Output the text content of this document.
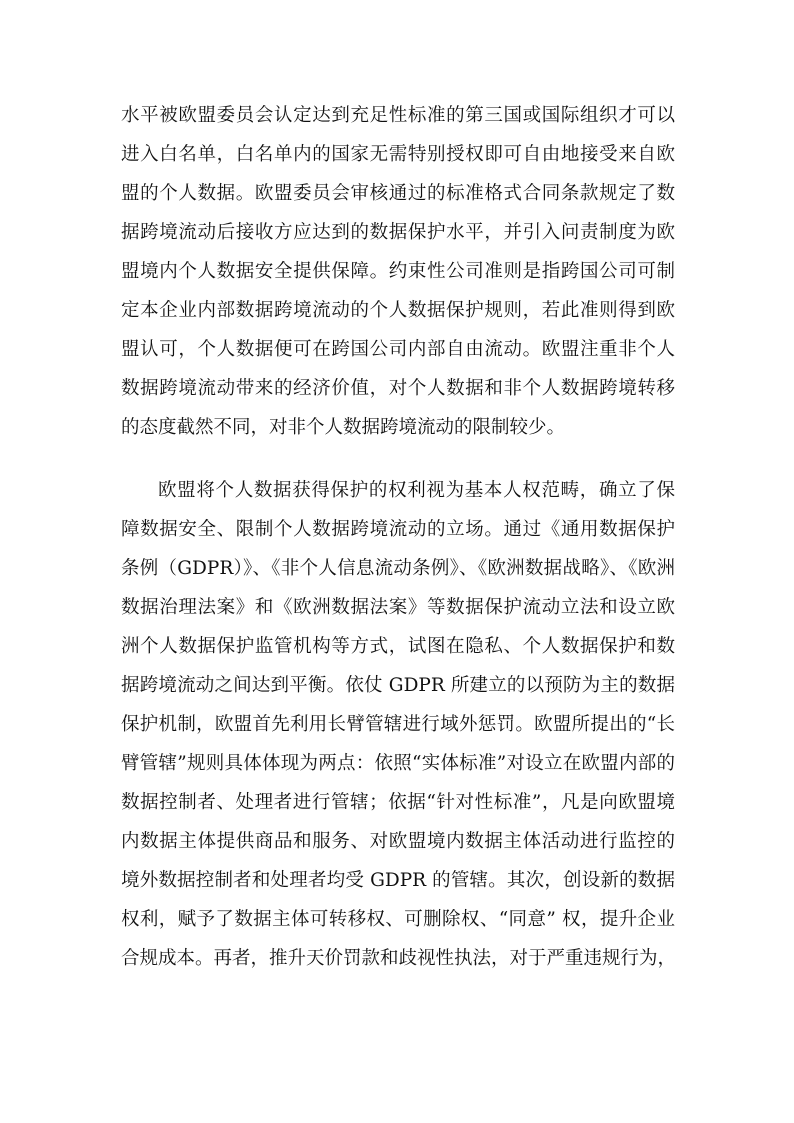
水平被欧盟委员会认定达到充足性标准的第三国或国际组织才可以
进入白名单，白名单内的国家无需特别授权即可自由地接受来自欧
盟的个人数据。欧盟委员会审核通过的标准格式合同条款规定了数
据跨境流动后接收方应达到的数据保护水平，并引入问责制度为欧
盟境内个人数据安全提供保障。约束性公司准则是指跨国公司可制
定本企业内部数据跨境流动的个人数据保护规则，若此准则得到欧
盟认可，个人数据便可在跨国公司内部自由流动。欧盟注重非个人
数据跨境流动带来的经济价值，对个人数据和非个人数据跨境转移
的态度截然不同，对非个人数据跨境流动的限制较少。
欧盟将个人数据获得保护的权利视为基本人权范畴，确立了保
障数据安全、限制个人数据跨境流动的立场。通过《通用数据保护
条例（GDPR）》、《非个人信息流动条例》、《欧洲数据战略》、《欧洲
数据治理法案》和《欧洲数据法案》等数据保护流动立法和设立欧
洲个人数据保护监管机构等方式，试图在隐私、个人数据保护和数
据跨境流动之间达到平衡。依仗 GDPR 所建立的以预防为主的数据
保护机制，欧盟首先利用长臂管辖进行域外惩罚。欧盟所提出的“长
臂管辖”规则具体体现为两点：依照“实体标准”对设立在欧盟内部的
数据控制者、处理者进行管辖；依据“针对性标准”，凡是向欧盟境
内数据主体提供商品和服务、对欧盟境内数据主体活动进行监控的
境外数据控制者和处理者均受 GDPR 的管辖。其次，创设新的数据
权利，赋予了数据主体可转移权、可删除权、“同意” 权，提升企业
合规成本。再者，推升天价罚款和歧视性执法，对于严重违规行为，
